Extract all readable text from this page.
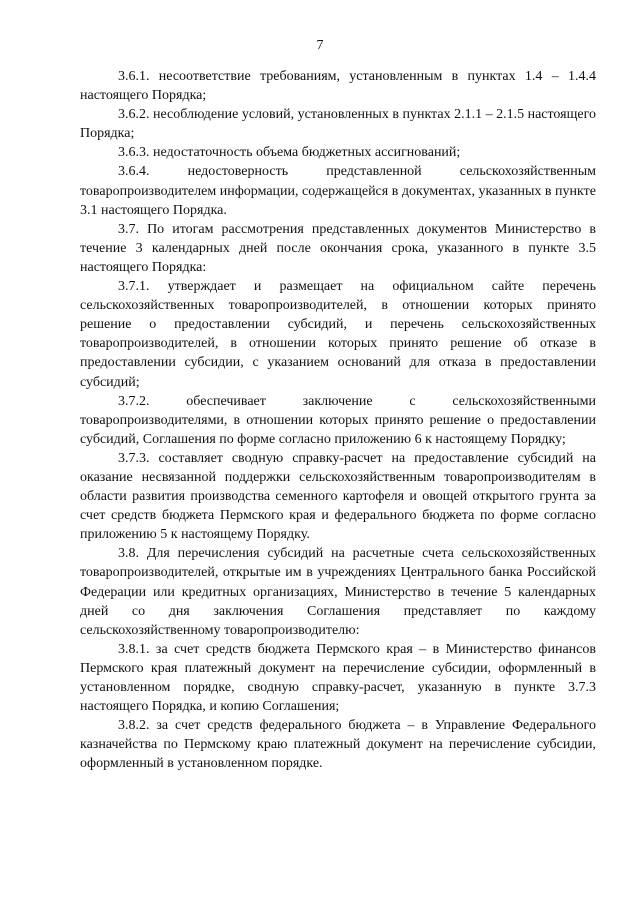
7

3.6.1. несоответствие требованиям, установленным в пунктах 1.4 – 1.4.4 настоящего Порядка;

3.6.2. несоблюдение условий, установленных в пунктах 2.1.1 – 2.1.5 настоящего Порядка;

3.6.3. недостаточность объема бюджетных ассигнований;

3.6.4. недостоверность представленной сельскохозяйственным товаропроизводителем информации, содержащейся в документах, указанных в пункте 3.1 настоящего Порядка.

3.7. По итогам рассмотрения представленных документов Министерство в течение 3 календарных дней после окончания срока, указанного в пункте 3.5 настоящего Порядка:

3.7.1. утверждает и размещает на официальном сайте перечень сельскохозяйственных товаропроизводителей, в отношении которых принято решение о предоставлении субсидий, и перечень сельскохозяйственных товаропроизводителей, в отношении которых принято решение об отказе в предоставлении субсидии, с указанием оснований для отказа в предоставлении субсидий;

3.7.2. обеспечивает заключение с сельскохозяйственными товаропроизводителями, в отношении которых принято решение о предоставлении субсидий, Соглашения по форме согласно приложению 6 к настоящему Порядку;

3.7.3. составляет сводную справку-расчет на предоставление субсидий на оказание несвязанной поддержки сельскохозяйственным товаропроизводителям в области развития производства семенного картофеля и овощей открытого грунта за счет средств бюджета Пермского края и федерального бюджета по форме согласно приложению 5 к настоящему Порядку.

3.8. Для перечисления субсидий на расчетные счета сельскохозяйственных товаропроизводителей, открытые им в учреждениях Центрального банка Российской Федерации или кредитных организациях, Министерство в течение 5 календарных дней со дня заключения Соглашения представляет по каждому сельскохозяйственному товаропроизводителю:

3.8.1. за счет средств бюджета Пермского края – в Министерство финансов Пермского края платежный документ на перечисление субсидии, оформленный в установленном порядке, сводную справку-расчет, указанную в пункте 3.7.3 настоящего Порядка, и копию Соглашения;

3.8.2. за счет средств федерального бюджета – в Управление Федерального казначейства по Пермскому краю платежный документ на перечисление субсидии, оформленный в установленном порядке.
